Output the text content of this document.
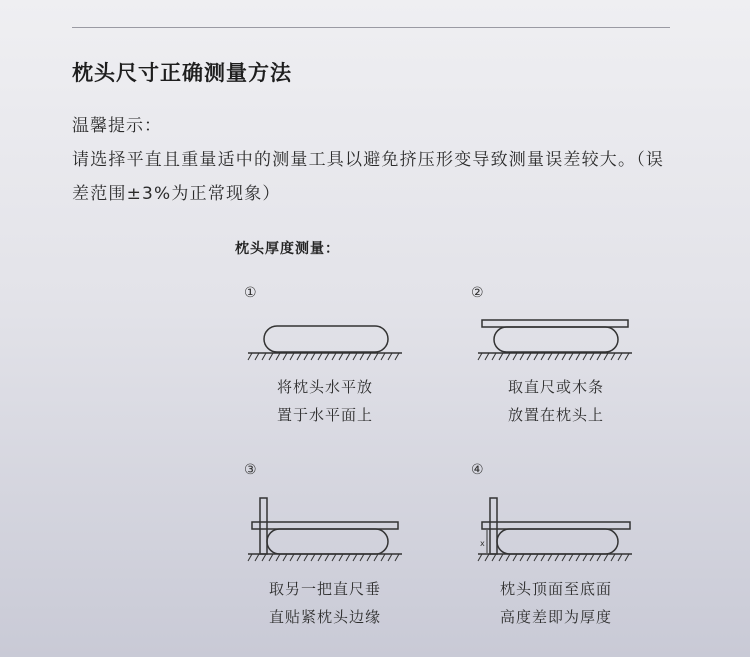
枕头尺寸正确测量方法
温馨提示：
请选择平直且重量适中的测量工具以避免挤压形变导致测量误差较大。（误差范围±3%为正常现象）
枕头厚度测量：
①
将枕头水平放
置于水平面上
②
取直尺或木条
放置在枕头上
③
取另一把直尺垂
直贴紧枕头边缘
④
x
枕头顶面至底面
高度差即为厚度
